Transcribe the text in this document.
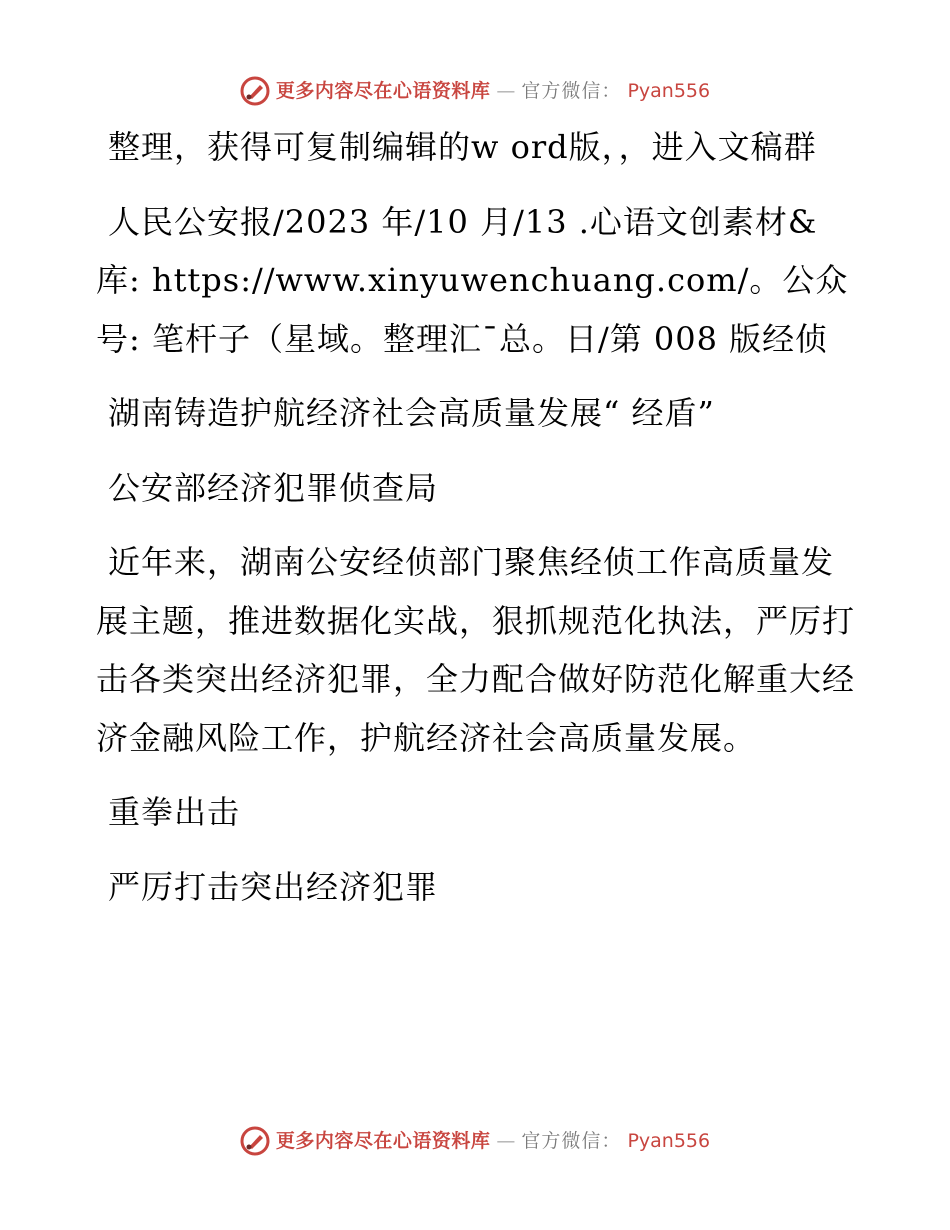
更多内容尽在心语资料库 — 官方微信： Pyan556

整理，获得可复制编辑的w ord版，，进入文稿群

人民公安报/2023 年/10 月/13 .心语文创素材&库: https://www.xinyuwenchuang.com/。公众号: 笔杆子（星域。整理汇¯总。日/第 008 版经侦

湖南铸造护航经济社会高质量发展“ 经盾”

公安部经济犯罪侦查局

近年来，湖南公安经侦部门聚焦经侦工作高质量发展主题，推进数据化实战，狠抓规范化执法，严厉打击各类突出经济犯罪，全力配合做好防范化解重大经济金融风险工作，护航经济社会高质量发展。

重拳出击

严厉打击突出经济犯罪

更多内容尽在心语资料库 — 官方微信： Pyan556
